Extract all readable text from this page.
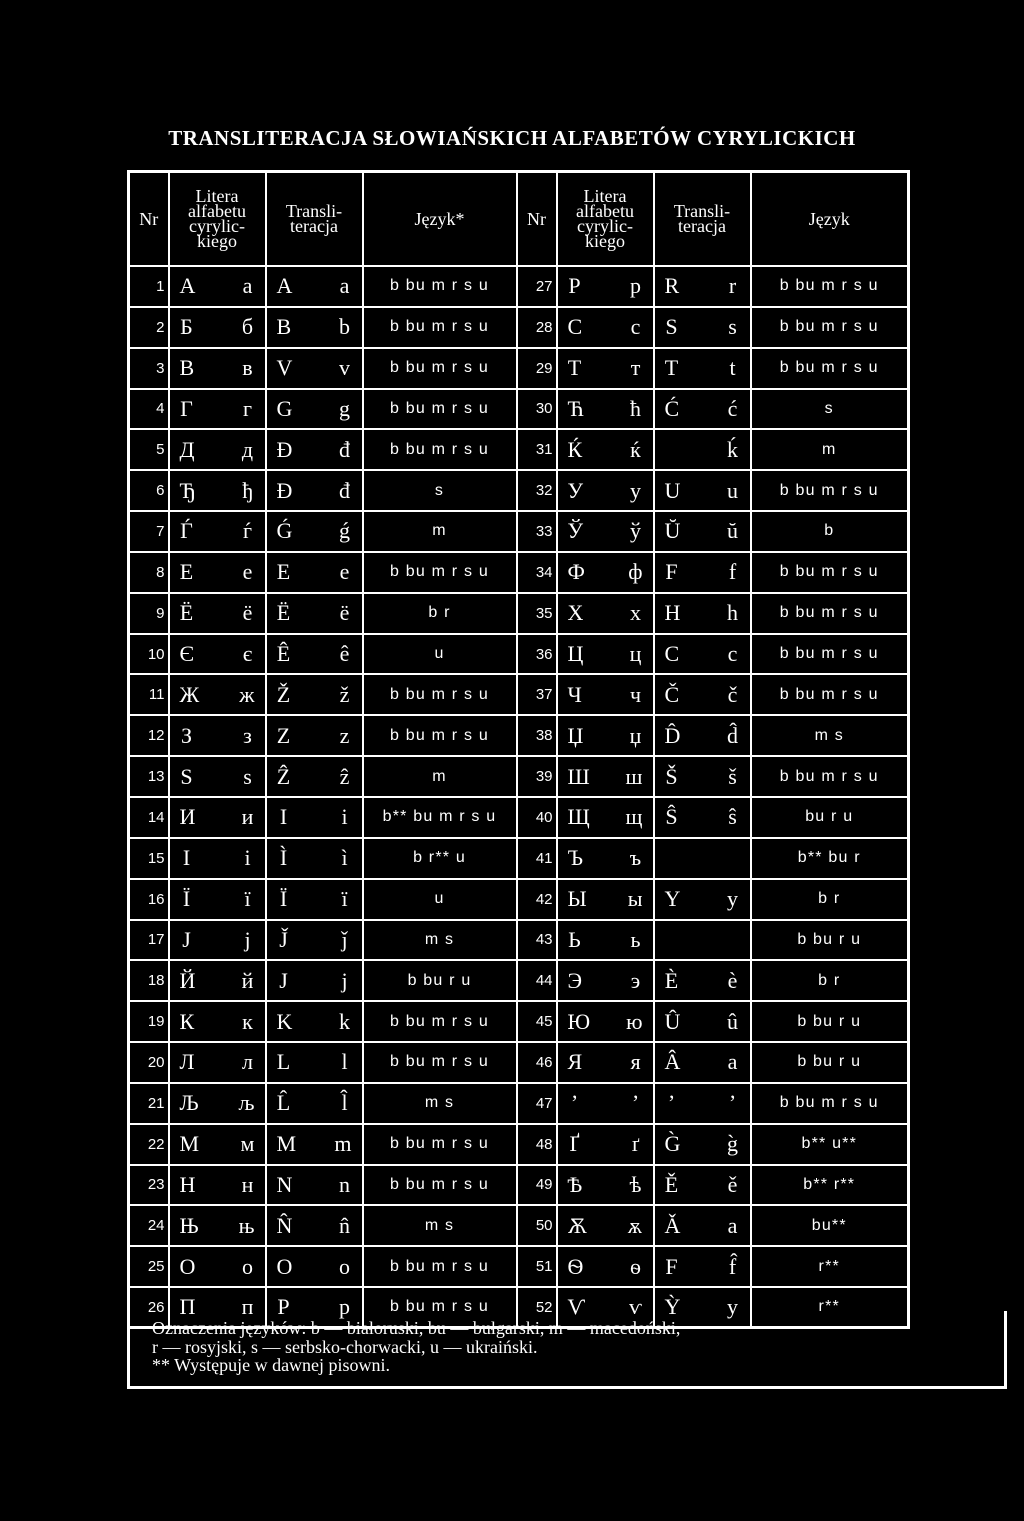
TRANSLITERACJA SŁOWIAŃSKICH ALFABETÓW CYRYLICKICH
Nr	Litera alfabetu cyrylic-kiego	Transli-teracja	Język*	Nr	Litera alfabetu cyrylic-kiego	Transli-teracja	Język
1	А а	A a	b bu m r s u	27	Р р	R r	b bu m r s u
2	Б б	B b	b bu m r s u	28	С с	S s	b bu m r s u
3	В в	V v	b bu m r s u	29	Т т	T t	b bu m r s u
4	Г г	G g	b bu m r s u	30	Ћ ћ	Ć ć	s
5	Д д	Ð đ	b bu m r s u	31	Ќ ќ	ḱ	m
6	Ђ ђ	Ð đ	s	32	У у	U u	b bu m r s u
7	Ѓ ѓ	Ǵ ǵ	m	33	Ў ў	Ŭ ŭ	b
8	Е е	E e	b bu m r s u	34	Ф ф	F f	b bu m r s u
9	Ё ё	Ë ë	b r	35	Х х	H h	b bu m r s u
10	Є є	Ê ê	u	36	Ц ц	C c	b bu m r s u
11	Ж ж	Ž ž	b bu m r s u	37	Ч ч	Č č	b bu m r s u
12	З з	Z z	b bu m r s u	38	Џ џ	D̂ d̂	m s
13	Ѕ ѕ	Ẑ ẑ	m	39	Ш ш	Š š	b bu m r s u
14	И и	I i	b** bu m r s u	40	Щ щ	Ŝ ŝ	bu r u
15	І і	Ì ì	b r** u	41	Ъ ъ		b** bu r
16	Ї ї	Ï ï	u	42	Ы ы	Y y	b r
17	Ј ј	J̌ ǰ	m s	43	Ь ь		b bu r u
18	Й й	J j	b bu r u	44	Э э	È è	b r
19	К к	K k	b bu m r s u	45	Ю ю	Û û	b bu r u
20	Л л	L l	b bu m r s u	46	Я я	Â a	b bu r u
21	Љ љ	L̂ l̂	m s	47	’ ’	’ ’	b bu m r s u
22	М м	M m	b bu m r s u	48	Ґ ґ	G̀ g̀	b** u**
23	Н н	N n	b bu m r s u	49	Ѣ ѣ	Ě ě	b** r**
24	Њ њ	N̂ n̂	m s	50	Ѫ ѫ	Ǎ a	bu**
25	О о	O o	b bu m r s u	51	Ѳ ѳ	F f̂	r**
26	П п	P p	b bu m r s u	52	Ѵ ѵ	Ỳ y	r**
Oznaczenia języków: b — białoruski, bu — bułgarski, m — macedoński,
r — rosyjski, s — serbsko-chorwacki, u — ukraiński.
** Występuje w dawnej pisowni.
